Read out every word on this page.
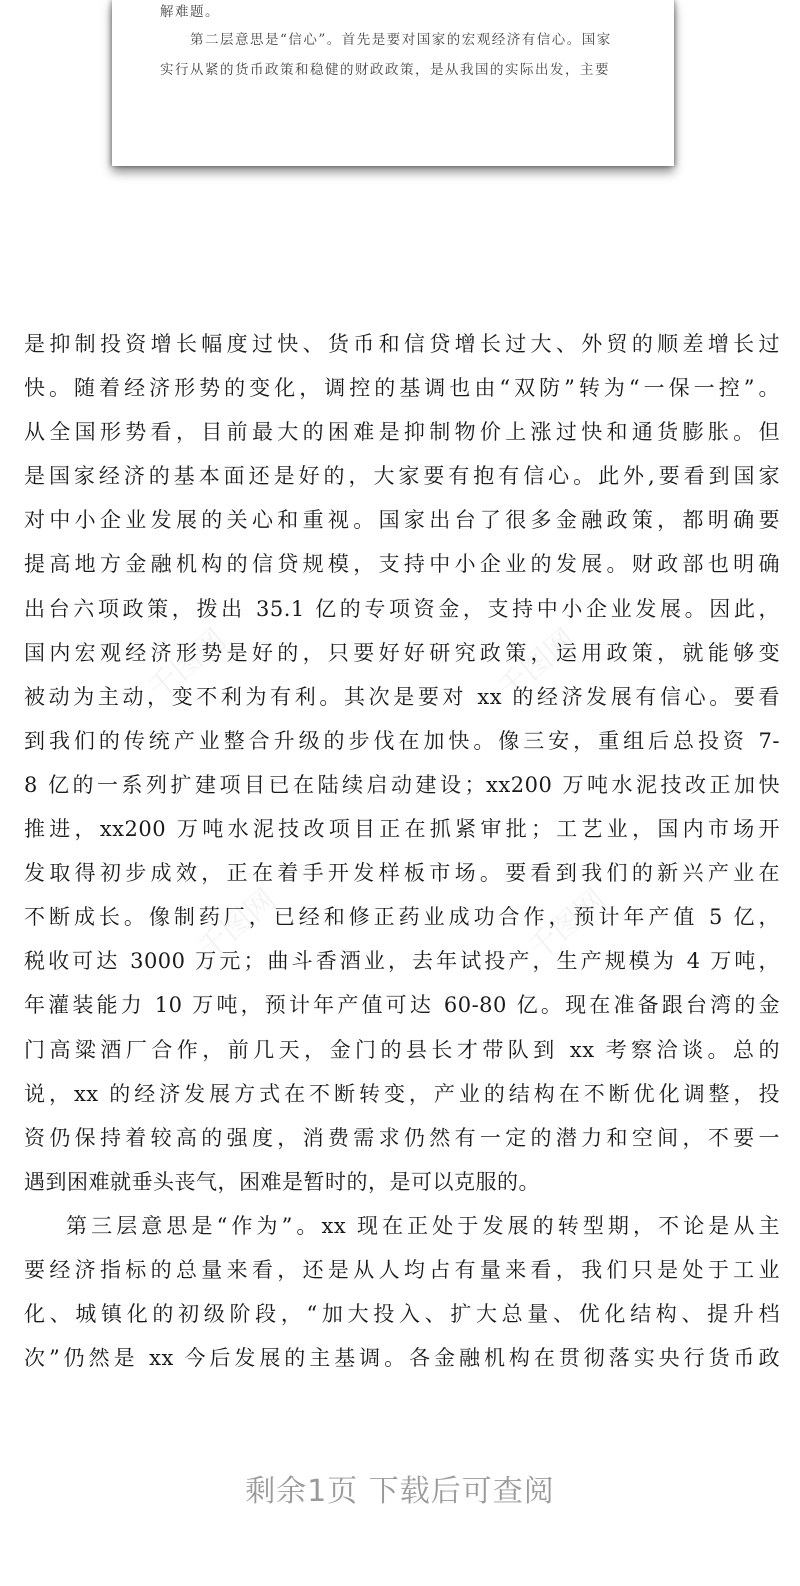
解难题。
第二层意思是“信心”。首先是要对国家的宏观经济有信心。国家
实行从紧的货币政策和稳健的财政政策，是从我国的实际出发，主要
千图网	千图网
千图网	千图网
是抑制投资增长幅度过快、货币和信贷增长过大、外贸的顺差增长过
快。随着经济形势的变化，调控的基调也由“双防”转为“一保一控”。
从全国形势看，目前最大的困难是抑制物价上涨过快和通货膨胀。但
是国家经济的基本面还是好的，大家要有抱有信心。此外,要看到国家
对中小企业发展的关心和重视。国家出台了很多金融政策，都明确要
提高地方金融机构的信贷规模，支持中小企业的发展。财政部也明确
出台六项政策，拨出 35.1 亿的专项资金，支持中小企业发展。因此，
国内宏观经济形势是好的，只要好好研究政策，运用政策，就能够变
被动为主动，变不利为有利。其次是要对 xx 的经济发展有信心。要看
到我们的传统产业整合升级的步伐在加快。像三安，重组后总投资 7-
8 亿的一系列扩建项目已在陆续启动建设；xx200 万吨水泥技改正加快
推进，xx200 万吨水泥技改项目正在抓紧审批；工艺业，国内市场开
发取得初步成效，正在着手开发样板市场。要看到我们的新兴产业在
不断成长。像制药厂，已经和修正药业成功合作，预计年产值 5 亿，
税收可达 3000 万元；曲斗香酒业，去年试投产，生产规模为 4 万吨，
年灌装能力 10 万吨，预计年产值可达 60-80 亿。现在准备跟台湾的金
门高粱酒厂合作，前几天，金门的县长才带队到 xx 考察洽谈。总的
说，xx 的经济发展方式在不断转变，产业的结构在不断优化调整，投
资仍保持着较高的强度，消费需求仍然有一定的潜力和空间，不要一
遇到困难就垂头丧气，困难是暂时的，是可以克服的。
第三层意思是“作为”。xx 现在正处于发展的转型期，不论是从主
要经济指标的总量来看，还是从人均占有量来看，我们只是处于工业
化、城镇化的初级阶段，“加大投入、扩大总量、优化结构、提升档
次”仍然是 xx 今后发展的主基调。各金融机构在贯彻落实央行货币政
剩余1页 下载后可查阅
